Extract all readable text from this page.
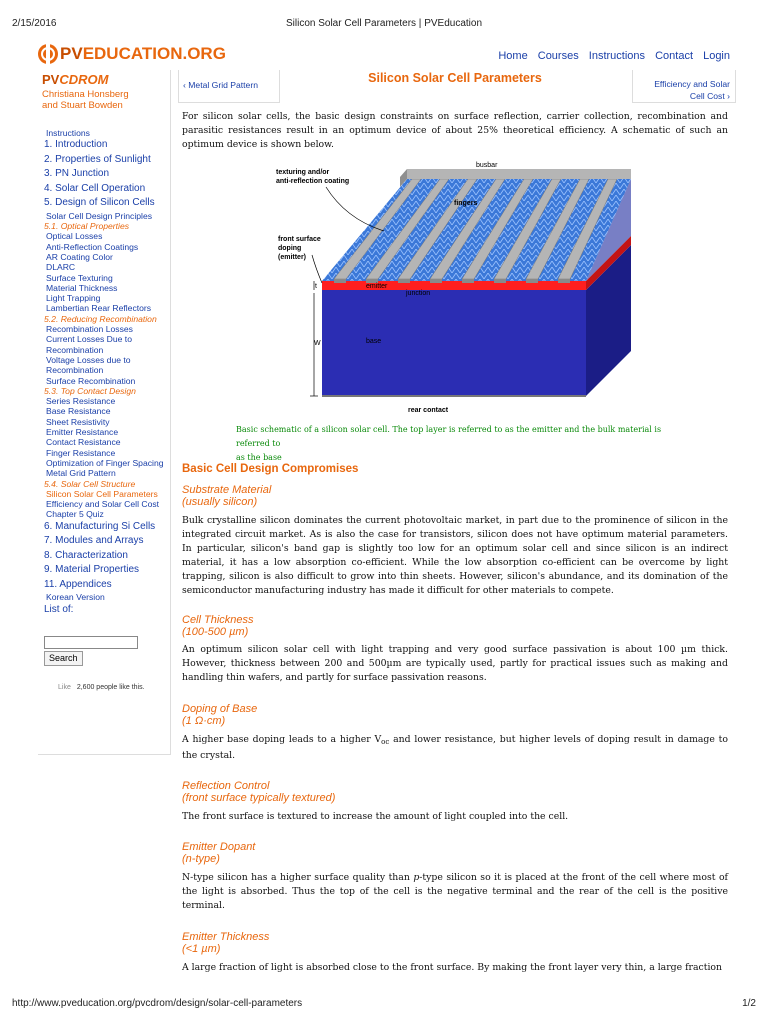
2/15/2016	Silicon Solar Cell Parameters | PVEducation
http://www.pveducation.org/pvcdrom/design/solar-cell-parameters	1/2
PV EDUCATION.ORG	Home Courses Instructions Contact Login
PVCDROM
Christiana Honsberg
and Stuart Bowden
Instructions
1. Introduction
2. Properties of Sunlight
3. PN Junction
4. Solar Cell Operation
5. Design of Silicon Cells
Solar Cell Design Principles
5.1. Optical Properties
Optical Losses
Anti-Reflection Coatings
AR Coating Color
DLARC
Surface Texturing
Material Thickness
Light Trapping
Lambertian Rear Reflectors
5.2. Reducing Recombination
Recombination Losses
Current Losses Due to Recombination
Voltage Losses due to Recombination
Surface Recombination
5.3. Top Contact Design
Series Resistance
Base Resistance
Sheet Resistivity
Emitter Resistance
Contact Resistance
Finger Resistance
Optimization of Finger Spacing
Metal Grid Pattern
5.4. Solar Cell Structure
Silicon Solar Cell Parameters
Efficiency and Solar Cell Cost
Chapter 5 Quiz
6. Manufacturing Si Cells
7. Modules and Arrays
8. Characterization
9. Material Properties
11. Appendices
Korean Version
List of:
Search
Like 2,600 people like this.
‹ Metal Grid Pattern	Silicon Solar Cell Parameters	Efficiency and Solar
Cell Cost ›

For silicon solar cells, the basic design constraints on surface reflection, carrier collection, recombination and parasitic resistances result in an optimum device of about 25% theoretical efficiency. A schematic of such an optimum device is shown below.

busbar
texturing and/or
anti-reflection coating
fingers
front surface
doping
(emitter)
t	emitter
junction
W	base
rear contact

Basic schematic of a silicon solar cell. The top layer is referred to as the emitter and the bulk material is referred to
as the base

Basic Cell Design Compromises
Substrate Material
(usually silicon)

Bulk crystalline silicon dominates the current photovoltaic market, in part due to the prominence of silicon in the integrated circuit market. As is also the case for transistors, silicon does not have optimum material parameters. In particular, silicon's band gap is slightly too low for an optimum solar cell and since silicon is an indirect material, it has a low absorption co-efficient. While the low absorption co-efficient can be overcome by light trapping, silicon is also difficult to grow into thin sheets. However, silicon's abundance, and its domination of the semiconductor manufacturing industry has made it difficult for other materials to compete.

Cell Thickness
(100-500 µm)

An optimum silicon solar cell with light trapping and very good surface passivation is about 100 µm thick. However, thickness between 200 and 500µm are typically used, partly for practical issues such as making and handling thin wafers, and partly for surface passivation reasons.

Doping of Base
(1 Ω·cm)

A higher base doping leads to a higher $V_{oc}$ and lower resistance, but higher levels of doping result in damage to the crystal.

Reflection Control
(front surface typically textured)

The front surface is textured to increase the amount of light coupled into the cell.

Emitter Dopant
(n-type)

N-type silicon has a higher surface quality than p-type silicon so it is placed at the front of the cell where most of the light is absorbed. Thus the top of the cell is the negative terminal and the rear of the cell is the positive terminal.

Emitter Thickness
(<1 µm)

A large fraction of light is absorbed close to the front surface. By making the front layer very thin, a large fraction
